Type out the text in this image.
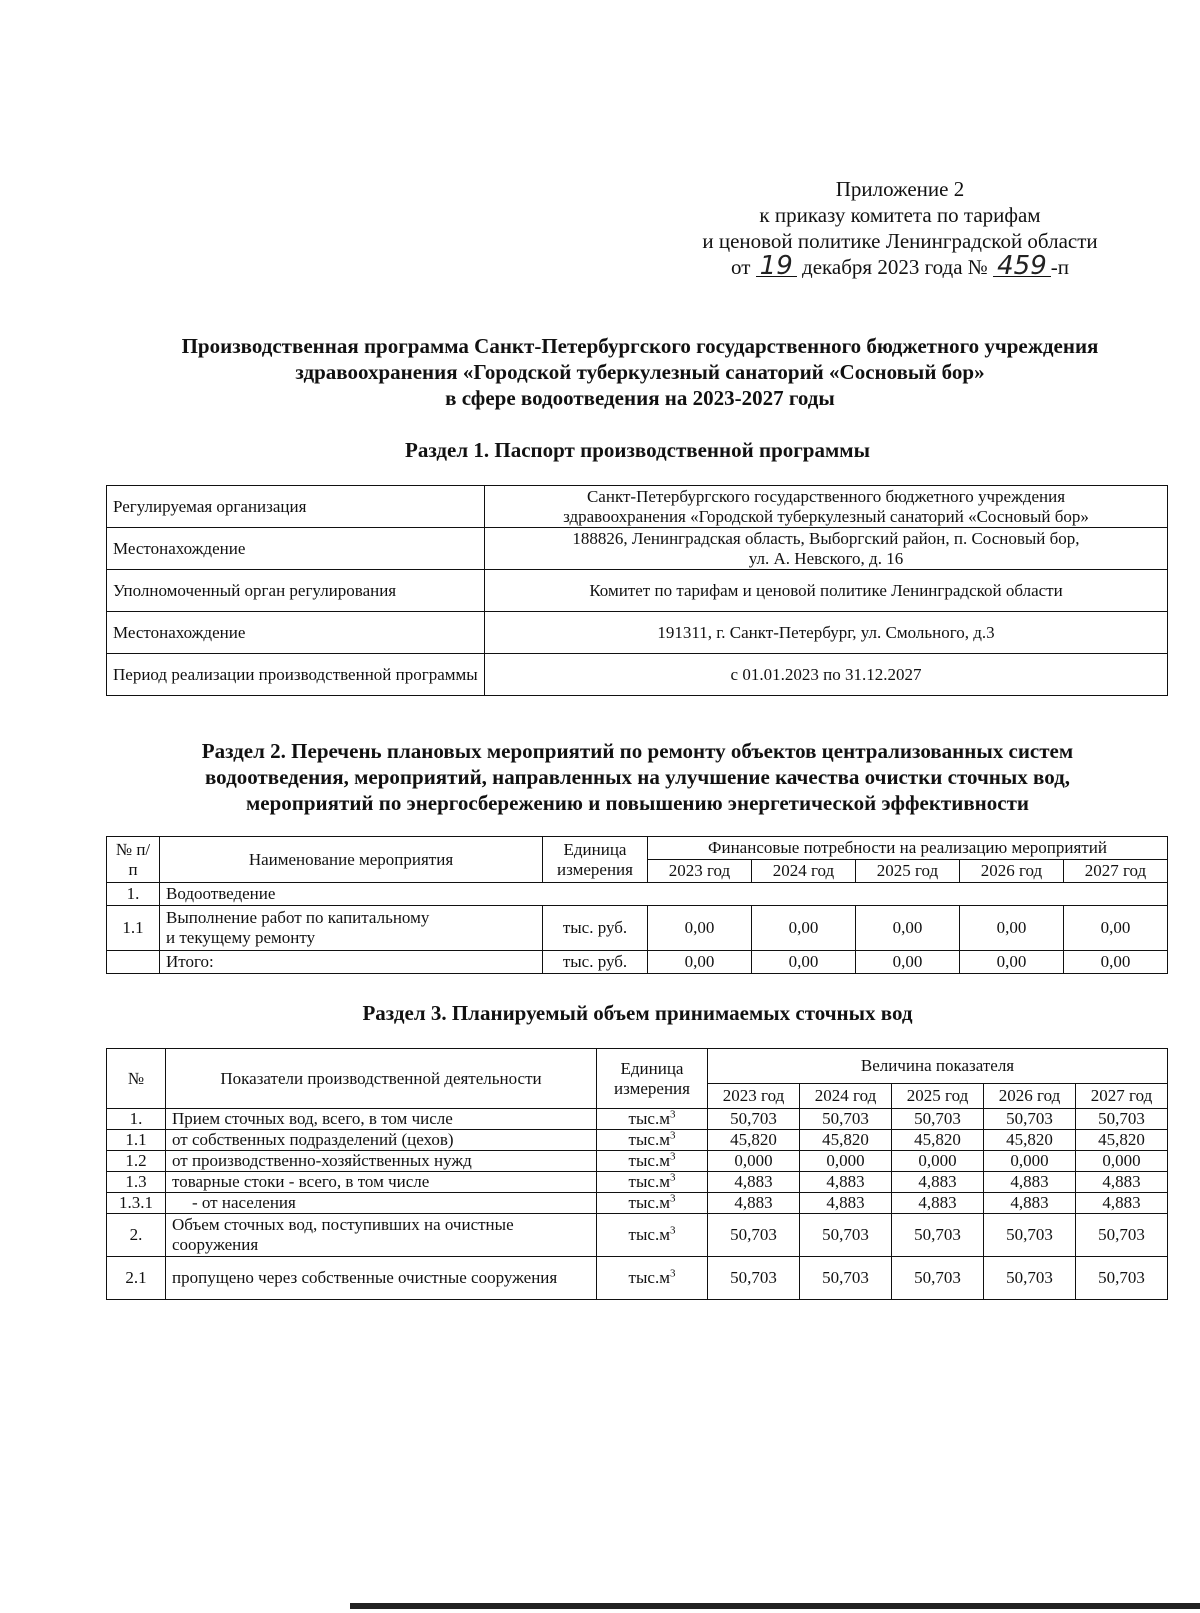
Приложение 2
к приказу комитета по тарифам
и ценовой политике Ленинградской области
от 19 декабря 2023 года № 459 -п
Производственная программа Санкт-Петербургского государственного бюджетного учреждения
здравоохранения «Городской туберкулезный санаторий «Сосновый бор»
в сфере водоотведения на 2023-2027 годы
Раздел 1. Паспорт производственной программы
Регулируемая организация	Санкт-Петербургского государственного бюджетного учреждения
здравоохранения «Городской туберкулезный санаторий «Сосновый бор»
Местонахождение	188826, Ленинградская область, Выборгский район, п. Сосновый бор,
ул. А. Невского, д. 16
Уполномоченный орган регулирования	Комитет по тарифам и ценовой политике Ленинградской области
Местонахождение	191311, г. Санкт-Петербург, ул. Смольного, д.3
Период реализации производственной программы	с 01.01.2023 по 31.12.2027
Раздел 2. Перечень плановых мероприятий по ремонту объектов централизованных систем
водоотведения, мероприятий, направленных на улучшение качества очистки сточных вод,
мероприятий по энергосбережению и повышению энергетической эффективности
№ п/п	Наименование мероприятия	Единица измерения	Финансовые потребности на реализацию мероприятий				
			2023 год	2024 год	2025 год	2026 год	2027 год
1.	Водоотведение						
1.1	Выполнение работ по капитальному
и текущему ремонту	тыс. руб.	0,00	0,00	0,00	0,00	0,00
	Итого:	тыс. руб.	0,00	0,00	0,00	0,00	0,00
Раздел 3. Планируемый объем принимаемых сточных вод
№	Показатели производственной деятельности	Единица измерения	Величина показателя				
			2023 год	2024 год	2025 год	2026 год	2027 год
1.	Прием сточных вод, всего, в том числе	$тыс.м^3$	50,703	50,703	50,703	50,703	50,703
1.1	от собственных подразделений (цехов)	$тыс.м^3$	45,820	45,820	45,820	45,820	45,820
1.2	от производственно-хозяйственных нужд	$тыс.м^3$	0,000	0,000	0,000	0,000	0,000
1.3	товарные стоки - всего, в том числе	$тыс.м^3$	4,883	4,883	4,883	4,883	4,883
1.3.1	- от населения	$тыс.м^3$	4,883	4,883	4,883	4,883	4,883
2.	Объем сточных вод, поступивших на очистные сооружения	$тыс.м^3$	50,703	50,703	50,703	50,703	50,703
2.1	пропущено через собственные очистные сооружения	$тыс.м^3$	50,703	50,703	50,703	50,703	50,703
